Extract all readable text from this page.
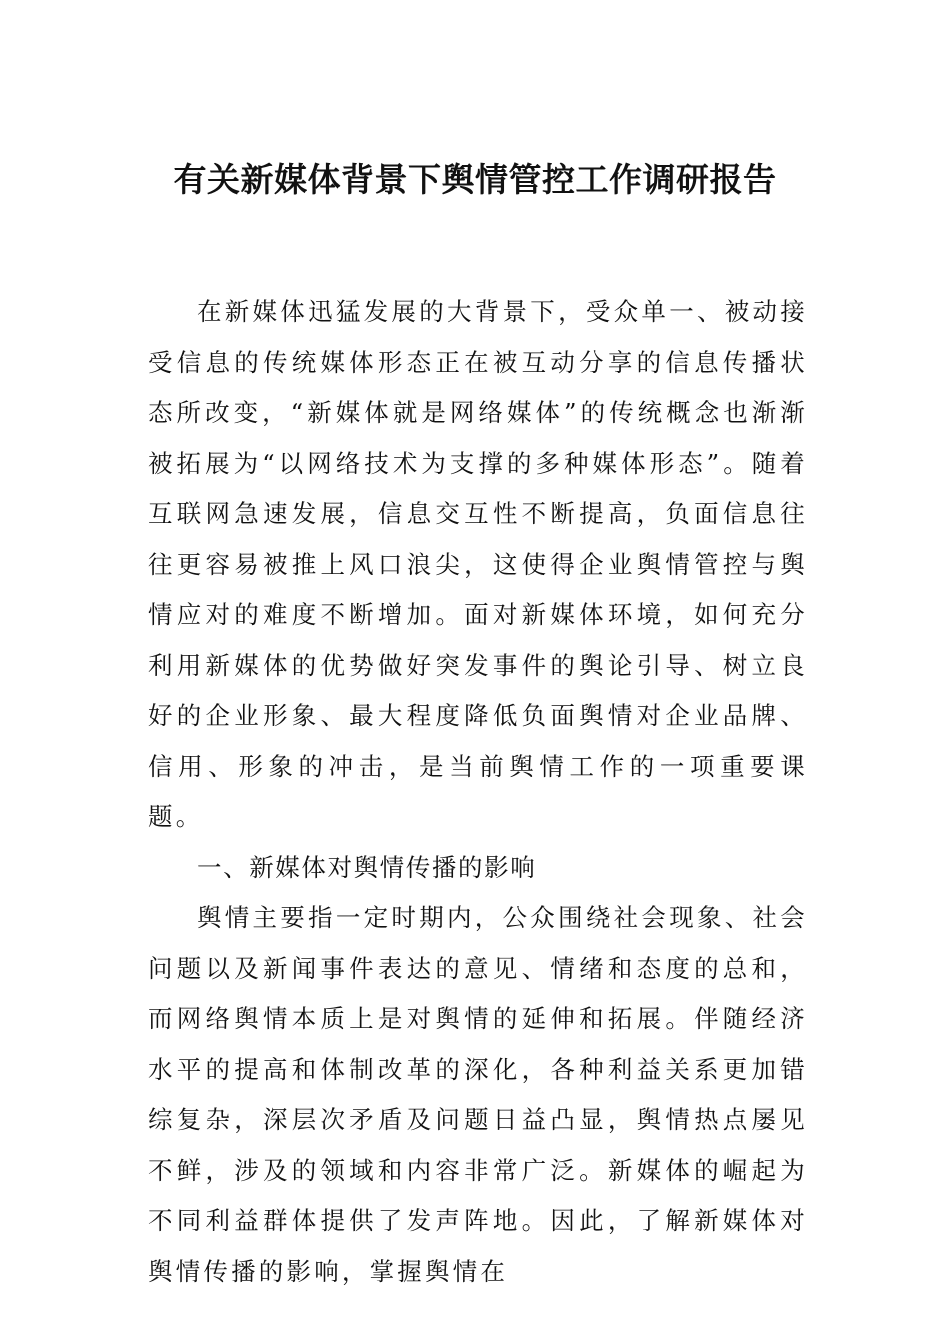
有关新媒体背景下舆情管控工作调研报告

在新媒体迅猛发展的大背景下，受众单一、被动接受信息的传统媒体形态正在被互动分享的信息传播状态所改变，“新媒体就是网络媒体”的传统概念也渐渐被拓展为“以网络技术为支撑的多种媒体形态”。随着互联网急速发展，信息交互性不断提高，负面信息往往更容易被推上风口浪尖，这使得企业舆情管控与舆情应对的难度不断增加。面对新媒体环境，如何充分利用新媒体的优势做好突发事件的舆论引导、树立良好的企业形象、最大程度降低负面舆情对企业品牌、信用、形象的冲击，是当前舆情工作的一项重要课题。

一、新媒体对舆情传播的影响

舆情主要指一定时期内，公众围绕社会现象、社会问题以及新闻事件表达的意见、情绪和态度的总和，而网络舆情本质上是对舆情的延伸和拓展。伴随经济水平的提高和体制改革的深化，各种利益关系更加错综复杂，深层次矛盾及问题日益凸显，舆情热点屡见不鲜，涉及的领域和内容非常广泛。新媒体的崛起为不同利益群体提供了发声阵地。因此，了解新媒体对舆情传播的影响，掌握舆情在
